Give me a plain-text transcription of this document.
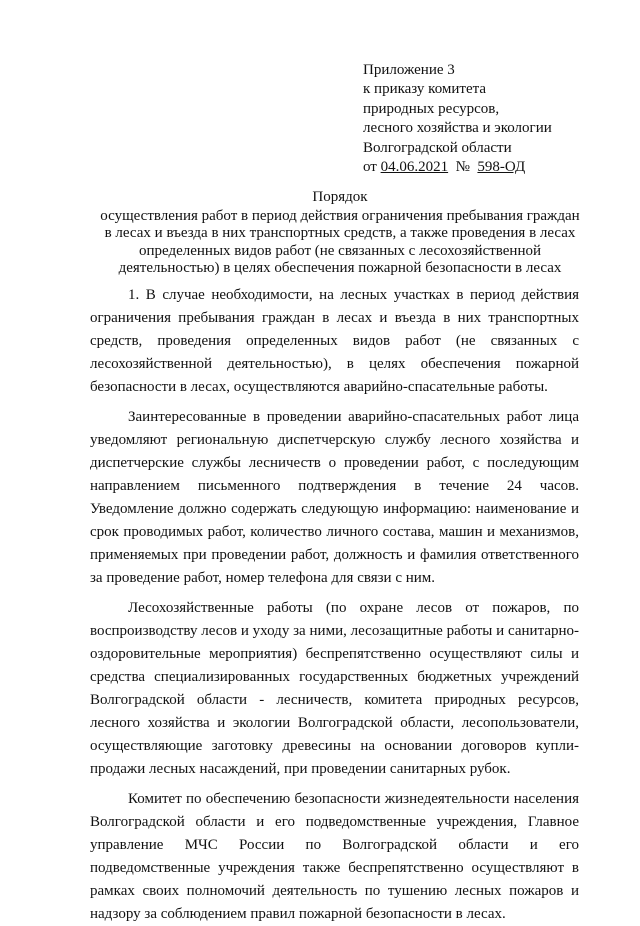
Приложение 3
к приказу комитета
природных ресурсов,
лесного хозяйства и экологии
Волгоградской области
от 04.06.2021 № 598-ОД
Порядок
осуществления работ в период действия ограничения пребывания граждан
в лесах и въезда в них транспортных средств, а также проведения в лесах
определенных видов работ (не связанных с лесохозяйственной
деятельностью) в целях обеспечения пожарной безопасности в лесах

1. В случае необходимости, на лесных участках в период действия ограничения пребывания граждан в лесах и въезда в них транспортных средств, проведения определенных видов работ (не связанных с лесохозяйственной деятельностью), в целях обеспечения пожарной безопасности в лесах, осуществляются аварийно-спасательные работы.

Заинтересованные в проведении аварийно-спасательных работ лица уведомляют региональную диспетчерскую службу лесного хозяйства и диспетчерские службы лесничеств о проведении работ, с последующим направлением письменного подтверждения в течение 24 часов. Уведомление должно содержать следующую информацию: наименование и срок проводимых работ, количество личного состава, машин и механизмов, применяемых при проведении работ, должность и фамилия ответственного за проведение работ, номер телефона для связи с ним.

Лесохозяйственные работы (по охране лесов от пожаров, по воспроизводству лесов и уходу за ними, лесозащитные работы и санитарно-оздоровительные мероприятия) беспрепятственно осуществляют силы и средства специализированных государственных бюджетных учреждений Волгоградской области - лесничеств, комитета природных ресурсов, лесного хозяйства и экологии Волгоградской области, лесопользователи, осуществляющие заготовку древесины на основании договоров купли-продажи лесных насаждений, при проведении санитарных рубок.

Комитет по обеспечению безопасности жизнедеятельности населения Волгоградской области и его подведомственные учреждения, Главное управление МЧС России по Волгоградской области и его подведомственные учреждения также беспрепятственно осуществляют в рамках своих полномочий деятельность по тушению лесных пожаров и надзору за соблюдением правил пожарной безопасности в лесах.
